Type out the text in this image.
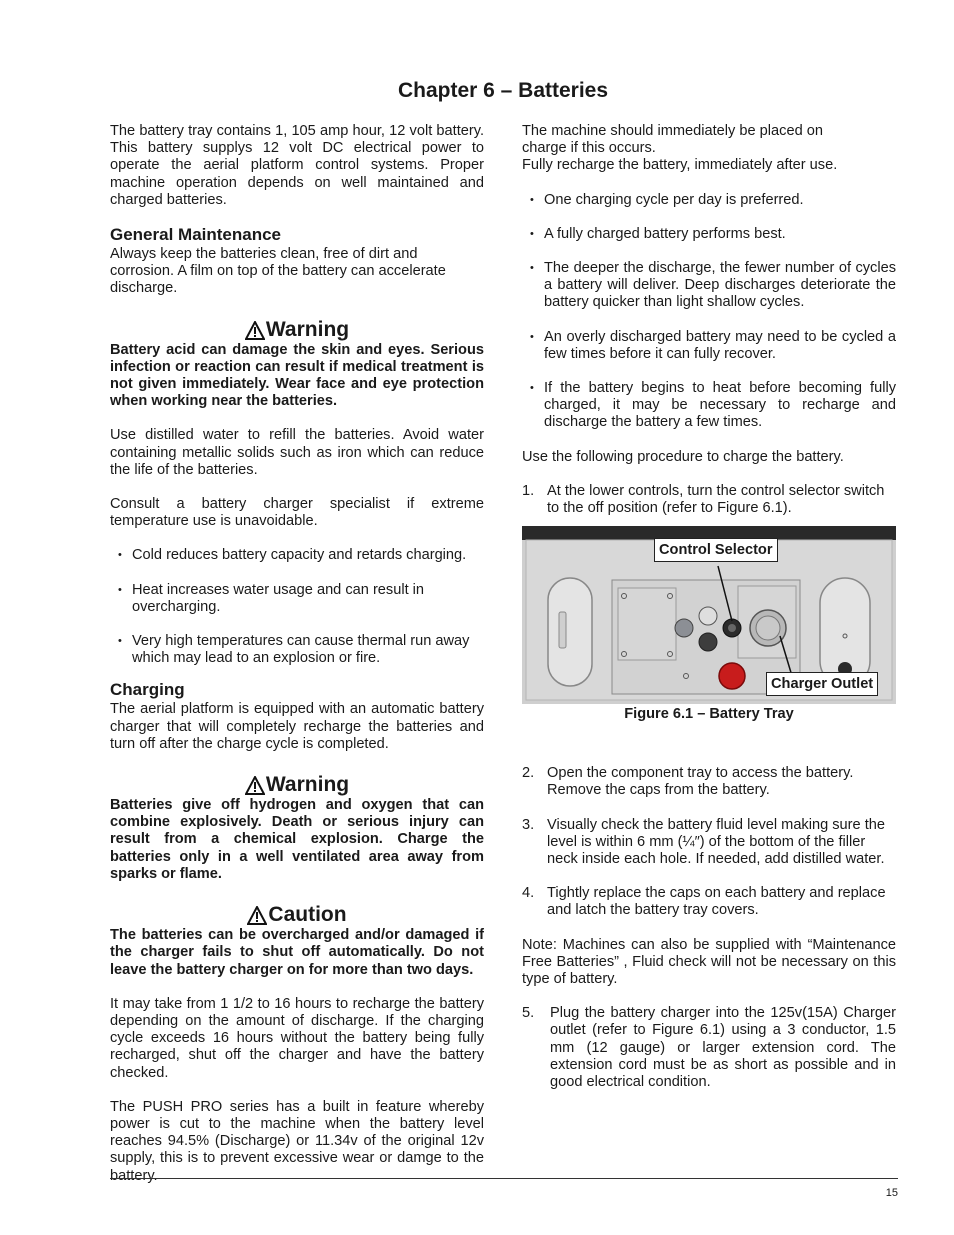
Chapter 6 – Batteries

The battery tray contains 1, 105 amp hour, 12 volt battery. This battery supplys 12 volt DC electrical power to operate the aerial platform control systems. Proper machine operation depends on well maintained and charged batteries.

General Maintenance

Always keep the batteries clean, free of dirt and corrosion. A film on top of the battery can accelerate discharge.

Warning

Battery acid can damage the skin and eyes. Serious infection or reaction can result if medical treatment is not given immediately. Wear face and eye protection when working near the batteries.

Use distilled water to refill the batteries. Avoid water containing metallic solids such as iron which can reduce the life of the batteries.

Consult a battery charger specialist if extreme temperature use is unavoidable.

• Cold reduces battery capacity and retards charging.
• Heat increases water usage and can result in overcharging.
• Very high temperatures can cause thermal run away which may lead to an explosion or fire.
Charging

The aerial platform is equipped with an automatic battery charger that will completely recharge the batteries and turn off after the charge cycle is completed.

Warning

Batteries give off hydrogen and oxygen that can combine explosively. Death or serious injury can result from a chemical explosion. Charge the batteries only in a well ventilated area away from sparks or flame.

Caution

The batteries can be overcharged and/or damaged if the charger fails to shut off automatically. Do not leave the battery charger on for more than two days.

It may take from 1 1/2 to 16 hours to recharge the battery depending on the amount of discharge. If the charging cycle exceeds 16 hours without the battery being fully recharged, shut off the charger and have the battery checked.

The PUSH PRO series has a built in feature whereby power is cut to the machine when the battery level reaches 94.5% (Discharge) or 11.34v of the original 12v supply, this is to prevent excessive wear or damge to the battery.

The machine should immediately be placed on

charge if this occurs.

Fully recharge the battery, immediately after use.

• One charging cycle per day is preferred.
• A fully charged battery performs best.
• The deeper the discharge, the fewer number of cycles a battery will deliver. Deep discharges deteriorate the battery quicker than light shallow cycles.
• An overly discharged battery may need to be cycled a few times before it can fully recover.
• If the battery begins to heat before becoming fully charged, it may be necessary to recharge and discharge the battery a few times.

Use the following procedure to charge the battery.

1. At the lower controls, turn the control selector switch to the off position (refer to Figure 6.1).
Control Selector
Charger Outlet
Figure 6.1 – Battery Tray
2. Open the component tray to access the battery. Remove the caps from the battery.
3. Visually check the battery fluid level making sure the level is within 6 mm (¼″) of the bottom of the filler neck inside each hole. If needed, add distilled water.
4. Tightly replace the caps on each battery and replace and latch the battery tray covers.

Note: Machines can also be supplied with “Maintenance Free Batteries” , Fluid check will not be necessary on this type of battery.

5. Plug the battery charger into the 125v(15A) Charger outlet (refer to Figure 6.1) using a 3 conductor, 1.5 mm (12 gauge) or larger extension cord. The extension cord must be as short as possible and in good electrical condition.
15
